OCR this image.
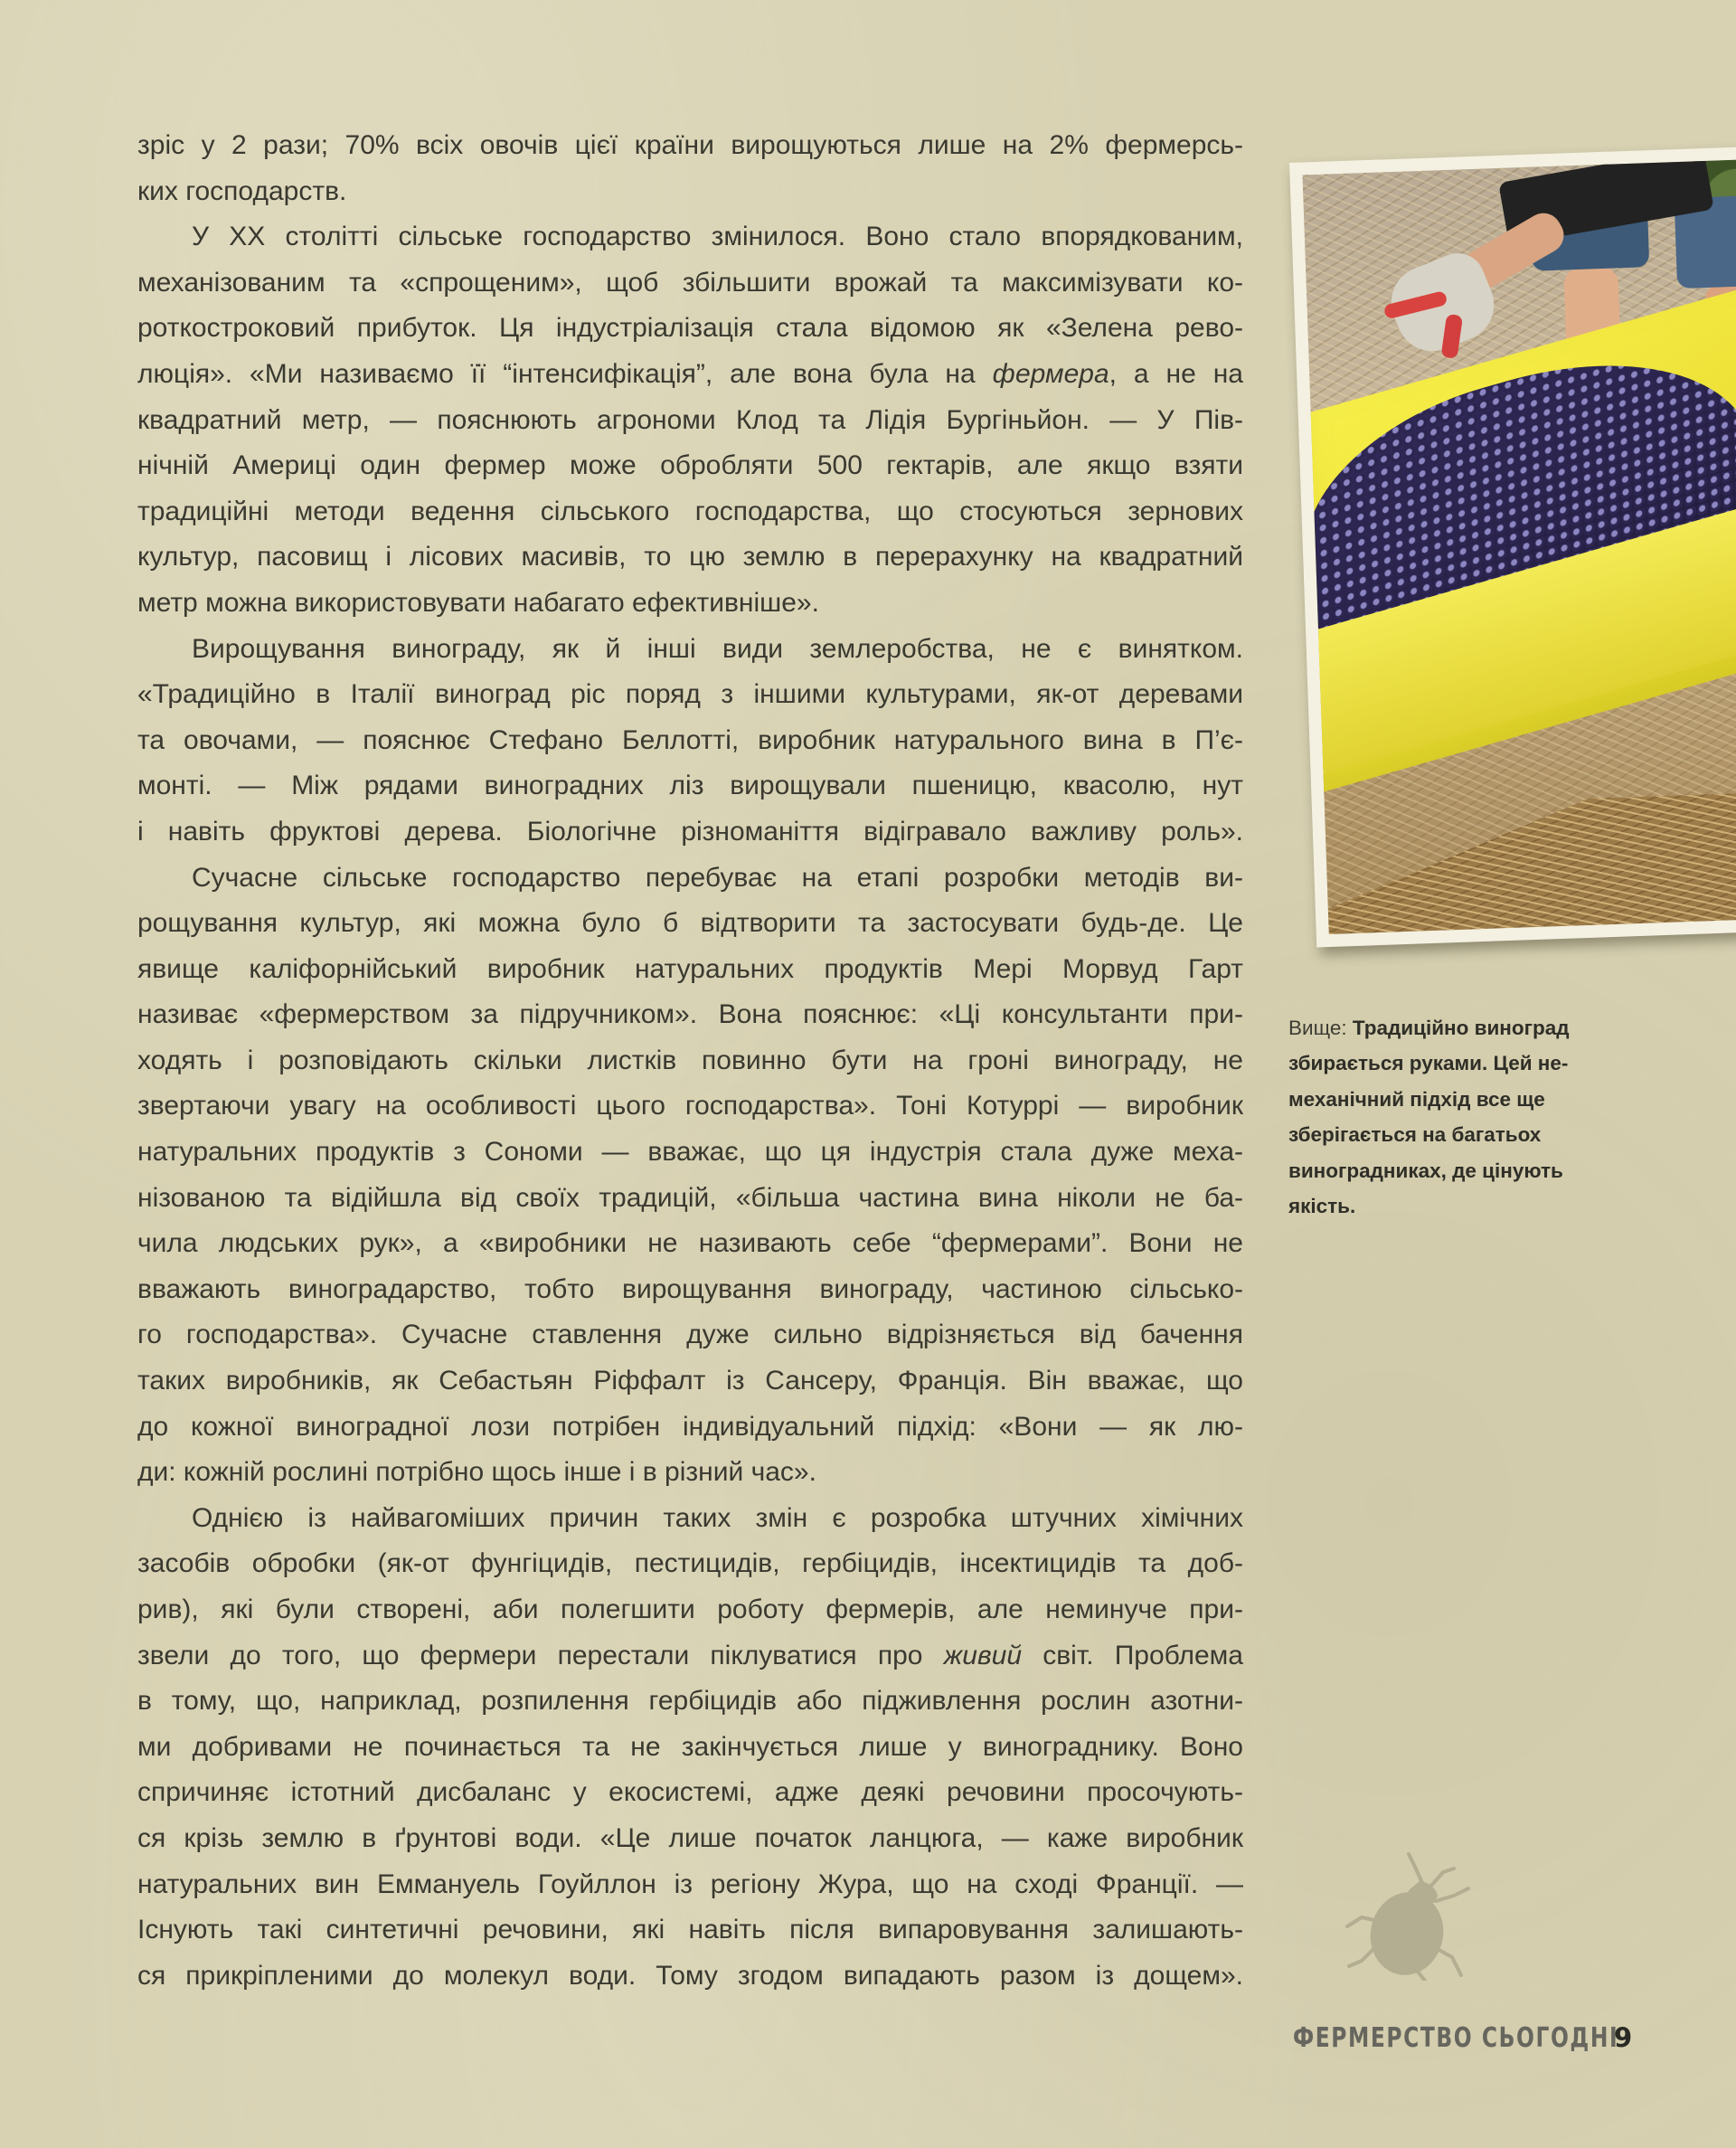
зріс у 2 рази; 70% всіх овочів цієї країни вирощуються лише на 2% фермерсь-
ких господарств.
У XX столітті сільське господарство змінилося. Воно стало впорядкованим,
механізованим та «спрощеним», щоб збільшити врожай та максимізувати ко-
роткостроковий прибуток. Ця індустріалізація стала відомою як «Зелена рево-
люція». «Ми називаємо її “інтенсифікація”, але вона була на фермера, а не на
квадратний метр, — пояснюють агрономи Клод та Лідія Бургіньйон. — У Пів-
нічній Америці один фермер може обробляти 500 гектарів, але якщо взяти
традиційні методи ведення сільського господарства, що стосуються зернових
культур, пасовищ і лісових масивів, то цю землю в перерахунку на квадратний
метр можна використовувати набагато ефективніше».
Вирощування винограду, як й інші види землеробства, не є винятком.
«Традиційно в Італії виноград ріс поряд з іншими культурами, як-от деревами
та овочами, — пояснює Стефано Беллотті, виробник натурального вина в П’є-
монті. — Між рядами виноградних ліз вирощували пшеницю, квасолю, нут
і навіть фруктові дерева. Біологічне різноманіття відігравало важливу роль».
Сучасне сільське господарство перебуває на етапі розробки методів ви-
рощування культур, які можна було б відтворити та застосувати будь-де. Це
явище каліфорнійський виробник натуральних продуктів Мері Морвуд Гарт
називає «фермерством за підручником». Вона пояснює: «Ці консультанти при-
ходять і розповідають скільки листків повинно бути на гроні винограду, не
звертаючи увагу на особливості цього господарства». Тоні Котуррі — виробник
натуральних продуктів з Сономи — вважає, що ця індустрія стала дуже меха-
нізованою та відійшла від своїх традицій, «більша частина вина ніколи не ба-
чила людських рук», а «виробники не називають себе “фермерами”. Вони не
вважають виноградарство, тобто вирощування винограду, частиною сільсько-
го господарства». Сучасне ставлення дуже сильно відрізняється від бачення
таких виробників, як Себастьян Ріффалт із Сансеру, Франція. Він вважає, що
до кожної виноградної лози потрібен індивідуальний підхід: «Вони — як лю-
ди: кожній рослині потрібно щось інше і в різний час».
Однією із найвагоміших причин таких змін є розробка штучних хімічних
засобів обробки (як-от фунгіцидів, пестицидів, гербіцидів, інсектицидів та доб-
рив), які були створені, аби полегшити роботу фермерів, але неминуче при-
звели до того, що фермери перестали піклуватися про живий світ. Проблема
в тому, що, наприклад, розпилення гербіцидів або підживлення рослин азотни-
ми добривами не починається та не закінчується лише у винограднику. Воно
спричиняє істотний дисбаланс у екосистемі, адже деякі речовини просочують-
ся крізь землю в ґрунтові води. «Це лише початок ланцюга, — каже виробник
натуральних вин Еммануель Гоуйллон із регіону Жура, що на сході Франції. —
Існують такі синтетичні речовини, які навіть після випаровування залишають-
ся прикріпленими до молекул води. Тому згодом випадають разом із дощем».
Вище: Традиційно виноград
збирається руками. Цей не-
механічний підхід все ще
зберігається на багатьох
виноградниках, де цінують
якість.
ФЕРМЕРСТВО СЬОГОДНІ
9
